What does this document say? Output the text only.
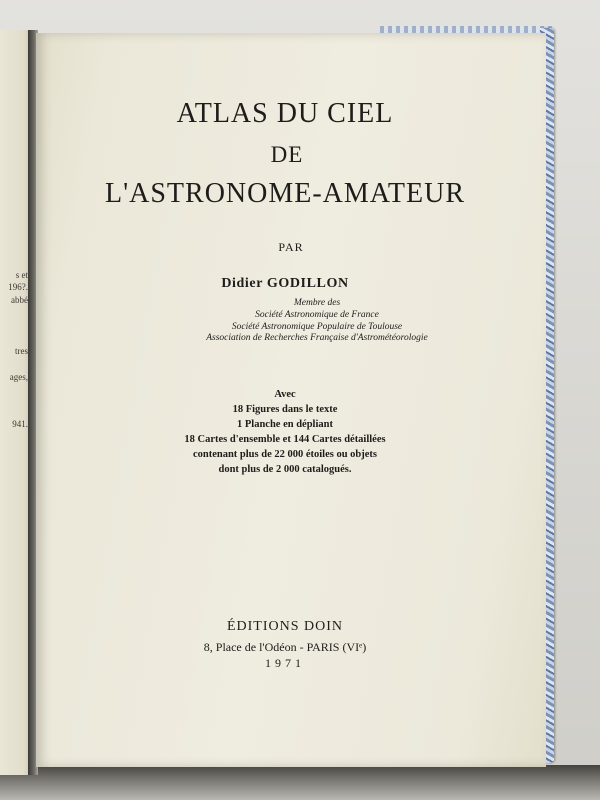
s et
196?.
abbé
tres
ages,
941.
ATLAS DU CIEL
DE
L'ASTRONOME-AMATEUR
PAR
Didier GODILLON
Membre des
Société Astronomique de France
Société Astronomique Populaire de Toulouse
Association de Recherches Française d'Astrométéorologie
Avec
18 Figures dans le texte
1 Planche en dépliant
18 Cartes d'ensemble et 144 Cartes détaillées
contenant plus de 22 000 étoiles ou objets
dont plus de 2 000 catalogués.
ÉDITIONS DOIN
8, Place de l'Odéon - PARIS (VIᵉ)
1971
